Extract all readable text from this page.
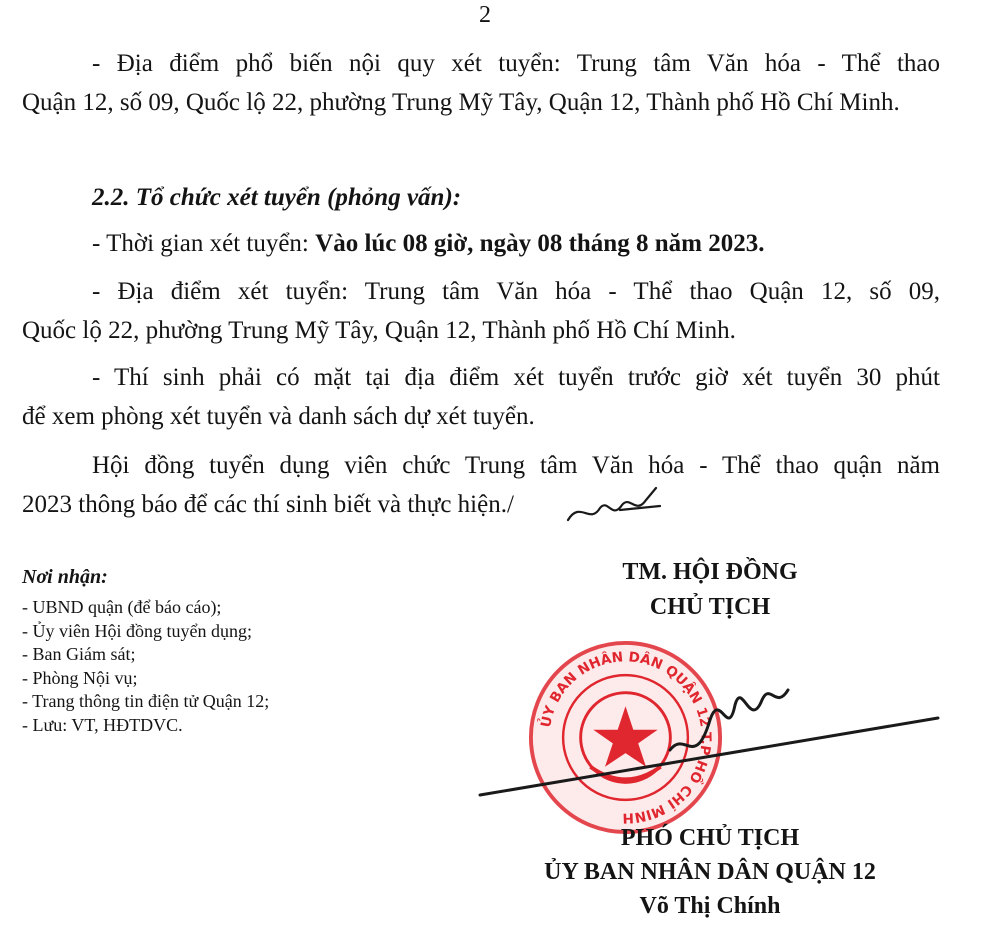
2
- Địa điểm phổ biến nội quy xét tuyển: Trung tâm Văn hóa - Thể thao
Quận 12, số 09, Quốc lộ 22, phường Trung Mỹ Tây, Quận 12, Thành phố Hồ Chí Minh.
2.2. Tổ chức xét tuyển (phỏng vấn):
- Thời gian xét tuyển: Vào lúc 08 giờ, ngày 08 tháng 8 năm 2023.
- Địa điểm xét tuyển: Trung tâm Văn hóa - Thể thao Quận 12, số 09,
Quốc lộ 22, phường Trung Mỹ Tây, Quận 12, Thành phố Hồ Chí Minh.
- Thí sinh phải có mặt tại địa điểm xét tuyển trước giờ xét tuyển 30 phút
để xem phòng xét tuyển và danh sách dự xét tuyển.
Hội đồng tuyển dụng viên chức Trung tâm Văn hóa - Thể thao quận năm
2023 thông báo để các thí sinh biết và thực hiện./
Nơi nhận:
- UBND quận (để báo cáo);
- Ủy viên Hội đồng tuyển dụng;
- Ban Giám sát;
- Phòng Nội vụ;
- Trang thông tin điện tử Quận 12;
- Lưu: VT, HĐTDVC.
TM. HỘI ĐỒNG
CHỦ TỊCH
ỦY BAN NHÂN DÂN QUẬN 12 T.P HỒ CHÍ MINH
PHÓ CHỦ TỊCH
ỦY BAN NHÂN DÂN QUẬN 12
Võ Thị Chính
